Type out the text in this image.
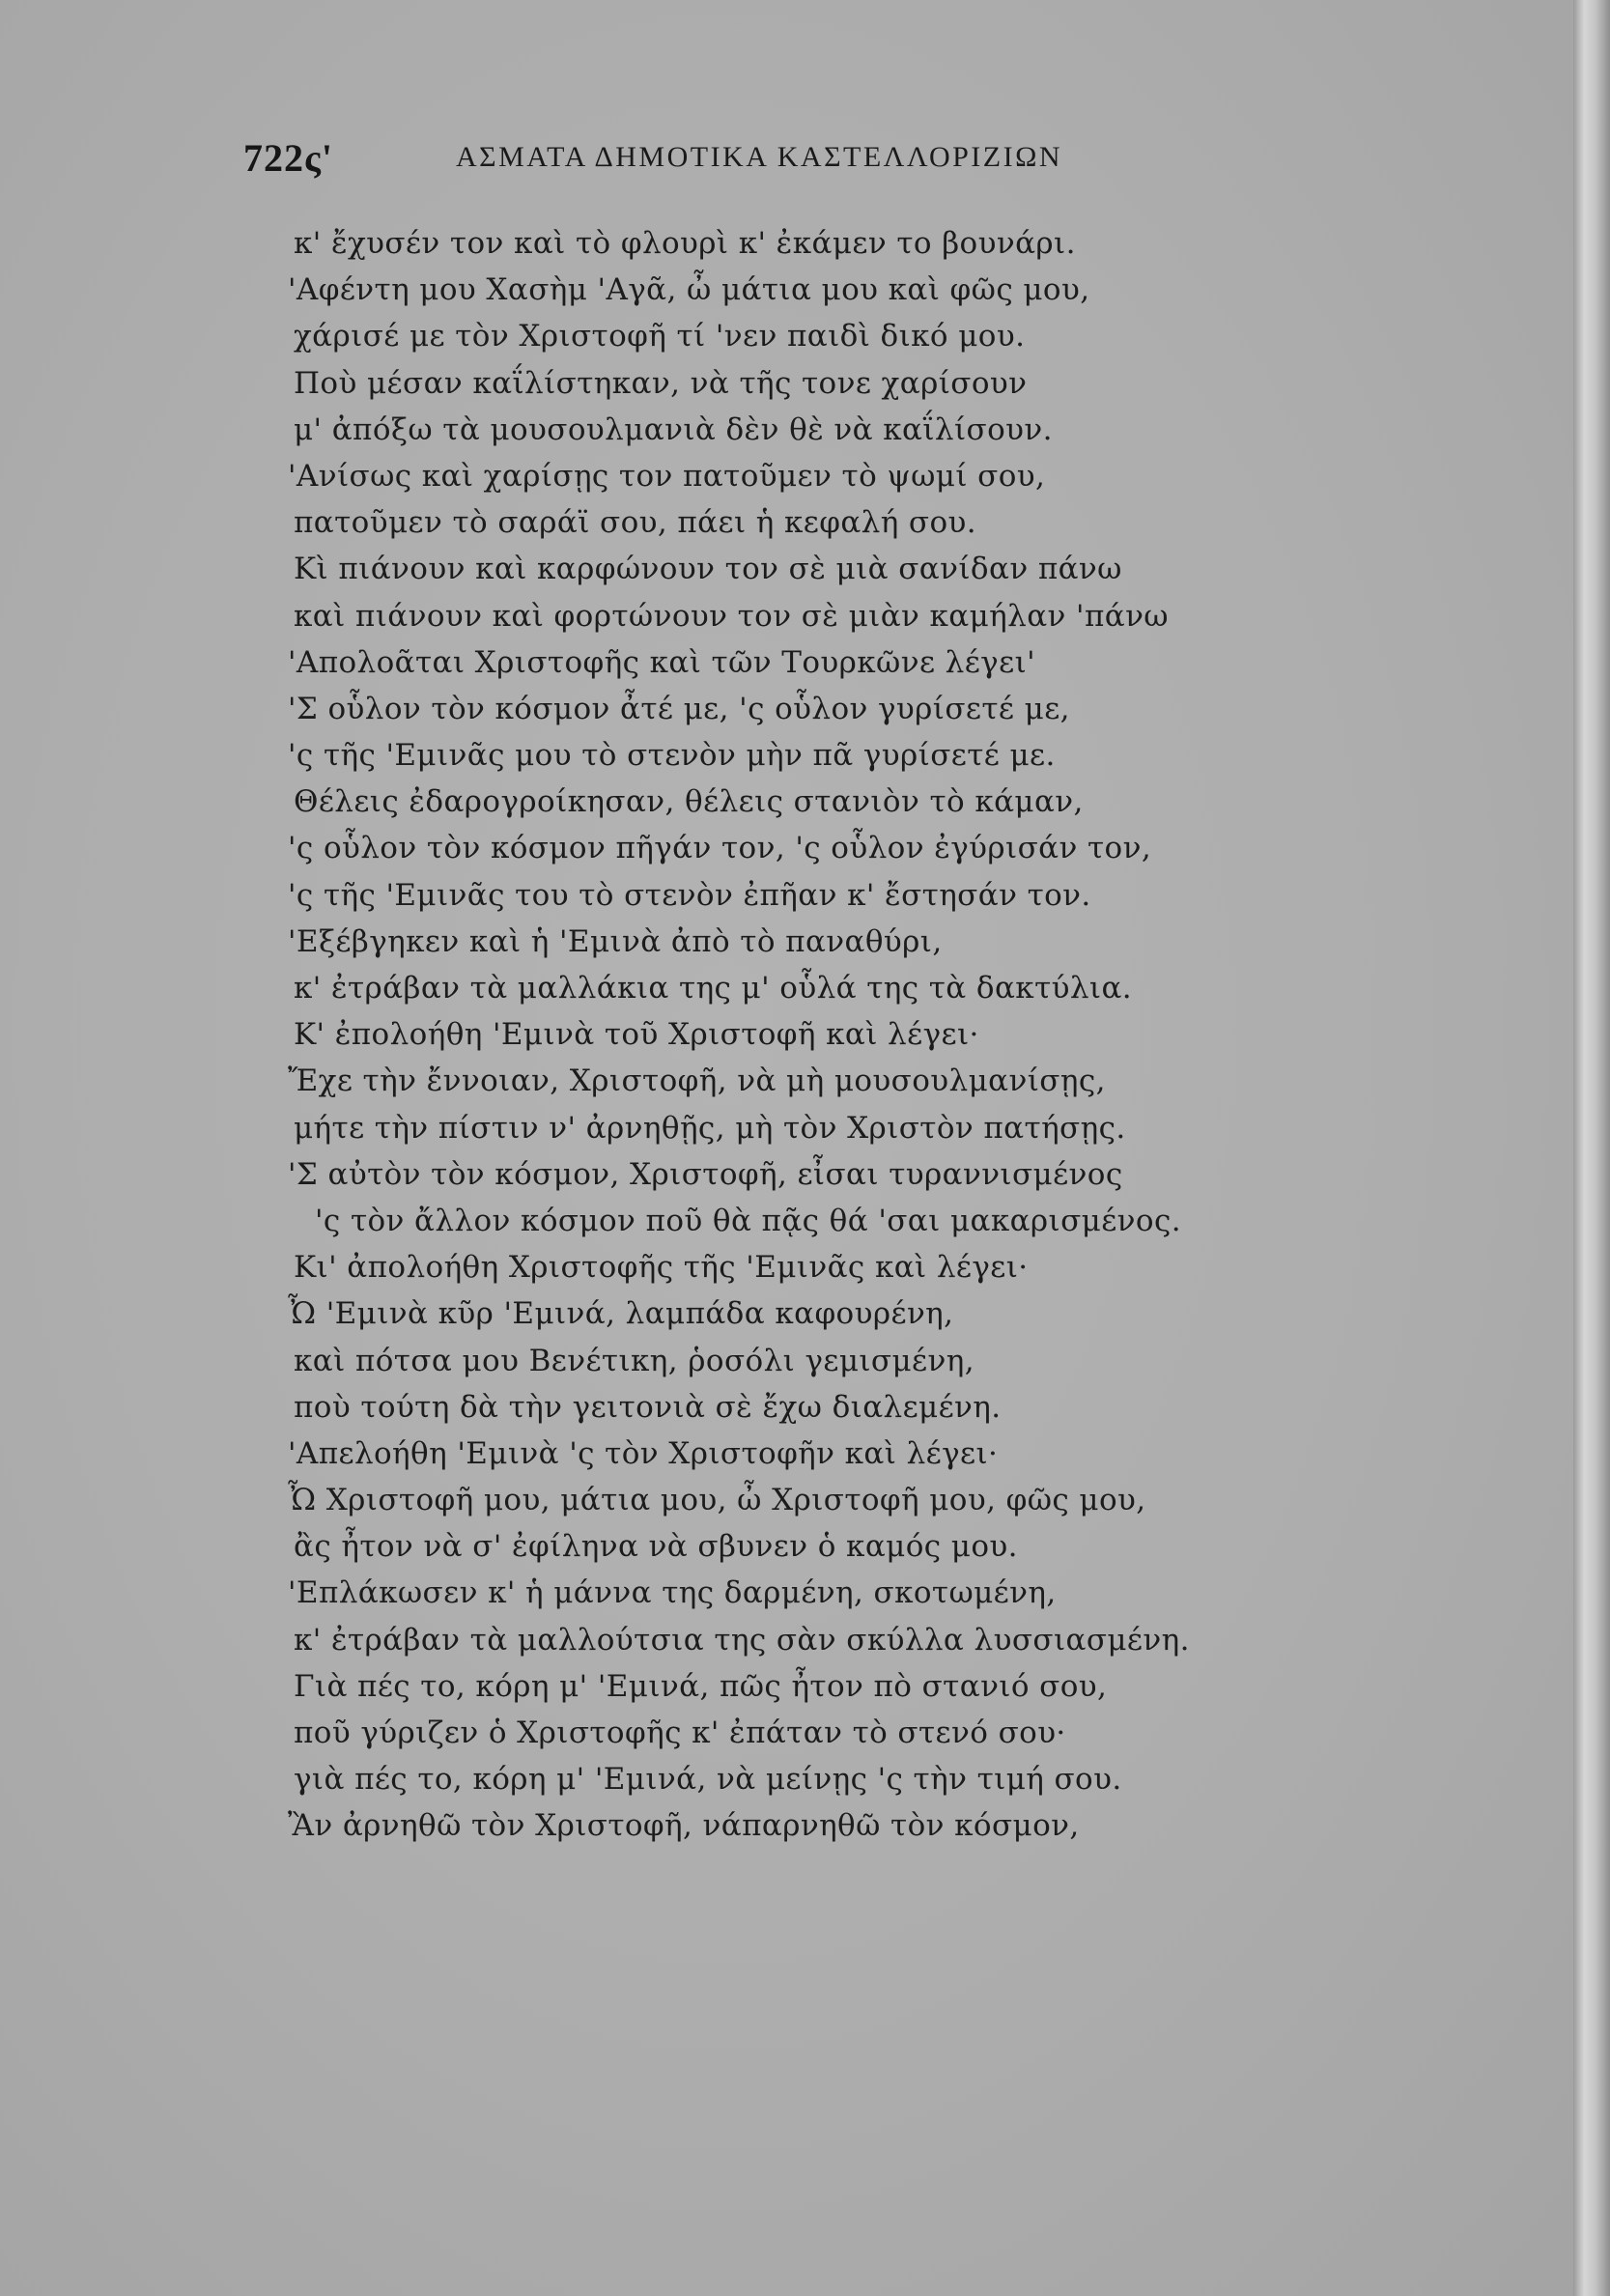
722ς'	ΑΣΜΑΤΑ ΔΗΜΟΤΙΚΑ ΚΑΣΤΕΛΛΟΡΙΖΙΩΝ
κ' ἔχυσέν τον καὶ τὸ φλουρὶ κ' ἐκάμεν το βουνάρι.
'Αφέντη μου Χασὴμ 'Αγᾶ, ὦ μάτια μου καὶ φῶς μου,
χάρισέ με τὸν Χριστοφῆ τί 'νεν παιδὶ δικό μου.
Ποὺ μέσαν καΐλίστηκαν, νὰ τῆς τονε χαρίσουν
μ' ἀπόξω τὰ μουσουλμανιὰ δὲν θὲ νὰ καΐλίσουν.
'Ανίσως καὶ χαρίσῃς τον πατοῦμεν τὸ ψωμί σου,
πατοῦμεν τὸ σαράϊ σου, πάει ἡ κεφαλή σου.
Κὶ πιάνουν καὶ καρφώνουν τον σὲ μιὰ σανίδαν πάνω
καὶ πιάνουν καὶ φορτώνουν τον σὲ μιὰν καμήλαν 'πάνω
'Απολοᾶται Χριστοφῆς καὶ τῶν Τουρκῶνε λέγει'
'Σ οὗλον τὸν κόσμον ἆτέ με, 'ς οὗλον γυρίσετέ με,
'ς τῆς 'Εμινᾶς μου τὸ στενὸν μὴν πᾶ γυρίσετέ με.
Θέλεις ἐδαρογροίκησαν, θέλεις στανιὸν τὸ κάμαν,
'ς οὗλον τὸν κόσμον πῆγάν τον, 'ς οὗλον ἐγύρισάν τον,
'ς τῆς 'Εμινᾶς του τὸ στενὸν ἐπῆαν κ' ἔστησάν τον.
'Εξέβγηκεν καὶ ἡ 'Εμινὰ ἀπὸ τὸ παναθύρι,
κ' ἐτράβαν τὰ μαλλάκια της μ' οὗλά της τὰ δακτύλια.
Κ' ἐπολοήθη 'Εμινὰ τοῦ Χριστοφῆ καὶ λέγει·
Ἔχε τὴν ἔννοιαν, Χριστοφῆ, νὰ μὴ μουσουλμανίσῃς,
μήτε τὴν πίστιν ν' ἀρνηθῇς, μὴ τὸν Χριστὸν πατήσῃς.
'Σ αὐτὸν τὸν κόσμον, Χριστοφῆ, εἶσαι τυραννισμένος
'ς τὸν ἄλλον κόσμον ποῦ θὰ πᾷς θά 'σαι μακαρισμένος.
Κι' ἀπολοήθη Χριστοφῆς τῆς 'Εμινᾶς καὶ λέγει·
Ὦ 'Εμινὰ κῦρ 'Εμινά, λαμπάδα καφουρένη,
καὶ πότσα μου Βενέτικη, ῥοσόλι γεμισμένη,
ποὺ τούτη δὰ τὴν γειτονιὰ σὲ ἔχω διαλεμένη.
'Απελοήθη 'Εμινὰ 'ς τὸν Χριστοφῆν καὶ λέγει·
Ὦ Χριστοφῆ μου, μάτια μου, ὦ Χριστοφῆ μου, φῶς μου,
ἂς ἦτον νὰ σ' ἐφίληνα νὰ σβυνεν ὁ καμός μου.
'Επλάκωσεν κ' ἡ μάννα της δαρμένη, σκοτωμένη,
κ' ἐτράβαν τὰ μαλλούτσια της σὰν σκύλλα λυσσιασμένη.
Γιὰ πές το, κόρη μ' 'Εμινά, πῶς ἦτον πὸ στανιό σου,
ποῦ γύριζεν ὁ Χριστοφῆς κ' ἐπάταν τὸ στενό σου·
γιὰ πές το, κόρη μ' 'Εμινά, νὰ μείνῃς 'ς τὴν τιμή σου.
Ἂν ἀρνηθῶ τὸν Χριστοφῆ, νάπαρνηθῶ τὸν κόσμον,
